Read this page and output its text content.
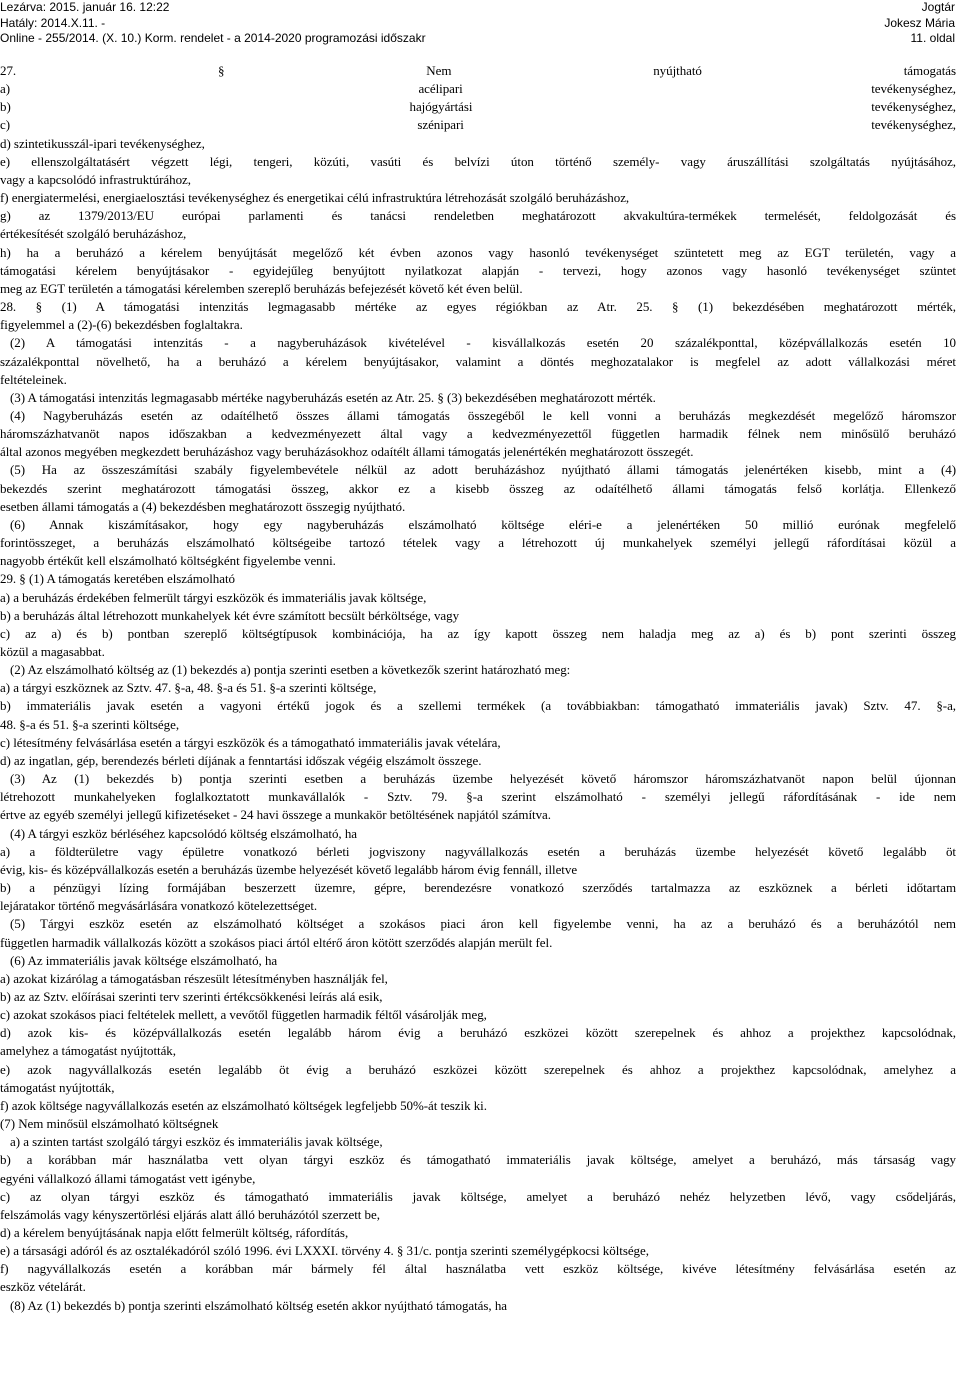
Lezárva: 2015. január 16. 12:22
Hatály: 2014.X.11. -
Online - 255/2014. (X. 10.) Korm. rendelet - a 2014-2020 programozási időszakr
Jogtár
Jokesz Mária
11. oldal
27. § Nem nyújtható támogatás
a) acélipari tevékenységhez,
b) hajógyártási tevékenységhez,
c) szénipari tevékenységhez,
d) szintetikusszál-ipari tevékenységhez,
e) ellenszolgáltatásért végzett légi, tengeri, közúti, vasúti és belvízi úton történő személy- vagy áruszállítási szolgáltatás nyújtásához,
vagy a kapcsolódó infrastruktúrához,
f) energiatermelési, energiaelosztási tevékenységhez és energetikai célú infrastruktúra létrehozását szolgáló beruházáshoz,
g) az 1379/2013/EU európai parlamenti és tanácsi rendeletben meghatározott akvakultúra-termékek termelését, feldolgozását és
értékesítését szolgáló beruházáshoz,
h) ha a beruházó a kérelem benyújtását megelőző két évben azonos vagy hasonló tevékenységet szüntetett meg az EGT területén, vagy a
támogatási kérelem benyújtásakor - egyidejűleg benyújtott nyilatkozat alapján - tervezi, hogy azonos vagy hasonló tevékenységet szüntet
meg az EGT területén a támogatási kérelemben szereplő beruházás befejezését követő két éven belül.
28. § (1) A támogatási intenzitás legmagasabb mértéke az egyes régiókban az Atr. 25. § (1) bekezdésében meghatározott mérték,
figyelemmel a (2)-(6) bekezdésben foglaltakra.
(2) A támogatási intenzitás - a nagyberuházások kivételével - kisvállalkozás esetén 20 százalékponttal, középvállalkozás esetén 10
százalékponttal növelhető, ha a beruházó a kérelem benyújtásakor, valamint a döntés meghozatalakor is megfelel az adott vállalkozási méret
feltételeinek.
(3) A támogatási intenzitás legmagasabb mértéke nagyberuházás esetén az Atr. 25. § (3) bekezdésében meghatározott mérték.
(4) Nagyberuházás esetén az odaítélhető összes állami támogatás összegéből le kell vonni a beruházás megkezdését megelőző háromszor
háromszázhatvanöt napos időszakban a kedvezményezett által vagy a kedvezményezettől független harmadik félnek nem minősülő beruházó
által azonos megyében megkezdett beruházáshoz vagy beruházásokhoz odaítélt állami támogatás jelenértékén meghatározott összegét.
(5) Ha az összeszámítási szabály figyelembevétele nélkül az adott beruházáshoz nyújtható állami támogatás jelenértéken kisebb, mint a (4)
bekezdés szerint meghatározott támogatási összeg, akkor ez a kisebb összeg az odaítélhető állami támogatás felső korlátja. Ellenkező
esetben állami támogatás a (4) bekezdésben meghatározott összegig nyújtható.
(6) Annak kiszámításakor, hogy egy nagyberuházás elszámolható költsége eléri-e a jelenértéken 50 millió eurónak megfelelő
forintösszeget, a beruházás elszámolható költségeibe tartozó tételek vagy a létrehozott új munkahelyek személyi jellegű ráfordításai közül a
nagyobb értékűt kell elszámolható költségként figyelembe venni.
29. § (1) A támogatás keretében elszámolható
a) a beruházás érdekében felmerült tárgyi eszközök és immateriális javak költsége,
b) a beruházás által létrehozott munkahelyek két évre számított becsült bérköltsége, vagy
c) az a) és b) pontban szereplő költségtípusok kombinációja, ha az így kapott összeg nem haladja meg az a) és b) pont szerinti összeg
közül a magasabbat.
(2) Az elszámolható költség az (1) bekezdés a) pontja szerinti esetben a következők szerint határozható meg:
a) a tárgyi eszköznek az Sztv. 47. §-a, 48. §-a és 51. §-a szerinti költsége,
b) immateriális javak esetén a vagyoni értékű jogok és a szellemi termékek (a továbbiakban: támogatható immateriális javak) Sztv. 47. §-a,
48. §-a és 51. §-a szerinti költsége,
c) létesítmény felvásárlása esetén a tárgyi eszközök és a támogatható immateriális javak vételára,
d) az ingatlan, gép, berendezés bérleti díjának a fenntartási időszak végéig elszámolt összege.
(3) Az (1) bekezdés b) pontja szerinti esetben a beruházás üzembe helyezését követő háromszor háromszázhatvanöt napon belül újonnan
létrehozott munkahelyeken foglalkoztatott munkavállalók - Sztv. 79. §-a szerint elszámolható - személyi jellegű ráfordításának - ide nem
értve az egyéb személyi jellegű kifizetéseket - 24 havi összege a munkakör betöltésének napjától számítva.
(4) A tárgyi eszköz bérléséhez kapcsolódó költség elszámolható, ha
a) a földterületre vagy épületre vonatkozó bérleti jogviszony nagyvállalkozás esetén a beruházás üzembe helyezését követő legalább öt
évig, kis- és középvállalkozás esetén a beruházás üzembe helyezését követő legalább három évig fennáll, illetve
b) a pénzügyi lízing formájában beszerzett üzemre, gépre, berendezésre vonatkozó szerződés tartalmazza az eszköznek a bérleti időtartam
lejáratakor történő megvásárlására vonatkozó kötelezettséget.
(5) Tárgyi eszköz esetén az elszámolható költséget a szokásos piaci áron kell figyelembe venni, ha az a beruházó és a beruházótól nem
független harmadik vállalkozás között a szokásos piaci ártól eltérő áron kötött szerződés alapján merült fel.
(6) Az immateriális javak költsége elszámolható, ha
a) azokat kizárólag a támogatásban részesült létesítményben használják fel,
b) az az Sztv. előírásai szerinti terv szerinti értékcsökkenési leírás alá esik,
c) azokat szokásos piaci feltételek mellett, a vevőtől független harmadik féltől vásárolják meg,
d) azok kis- és középvállalkozás esetén legalább három évig a beruházó eszközei között szerepelnek és ahhoz a projekthez kapcsolódnak,
amelyhez a támogatást nyújtották,
e) azok nagyvállalkozás esetén legalább öt évig a beruházó eszközei között szerepelnek és ahhoz a projekthez kapcsolódnak, amelyhez a
támogatást nyújtották,
f) azok költsége nagyvállalkozás esetén az elszámolható költségek legfeljebb 50%-át teszik ki.
(7) Nem minősül elszámolható költségnek
a) a szinten tartást szolgáló tárgyi eszköz és immateriális javak költsége,
b) a korábban már használatba vett olyan tárgyi eszköz és támogatható immateriális javak költsége, amelyet a beruházó, más társaság vagy
egyéni vállalkozó állami támogatást vett igénybe,
c) az olyan tárgyi eszköz és támogatható immateriális javak költsége, amelyet a beruházó nehéz helyzetben lévő, vagy csődeljárás,
felszámolás vagy kényszertörlési eljárás alatt álló beruházótól szerzett be,
d) a kérelem benyújtásának napja előtt felmerült költség, ráfordítás,
e) a társasági adóról és az osztalékadóról szóló 1996. évi LXXXI. törvény 4. § 31/c. pontja szerinti személygépkocsi költsége,
f) nagyvállalkozás esetén a korábban már bármely fél által használatba vett eszköz költsége, kivéve létesítmény felvásárlása esetén az
eszköz vételárát.
(8) Az (1) bekezdés b) pontja szerinti elszámolható költség esetén akkor nyújtható támogatás, ha
